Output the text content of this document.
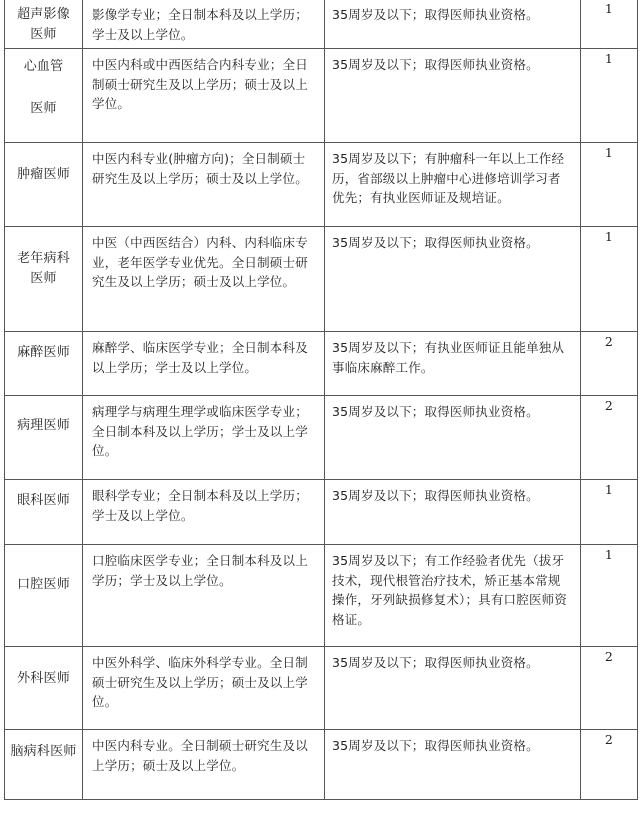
超声影像
医师	影像学专业；全日制本科及以上学历；学士及以上学位。	35周岁及以下；取得医师执业资格。	1

心血管
医师	中医内科或中西医结合内科专业；全日制硕士研究生及以上学历；硕士及以上学位。	35周岁及以下；取得医师执业资格。	1

肿瘤医师	中医内科专业(肿瘤方向)；全日制硕士研究生及以上学历；硕士及以上学位。	35周岁及以下；有肿瘤科一年以上工作经历，省部级以上肿瘤中心进修培训学习者优先；有执业医师证及规培证。	1

老年病科
医师	中医（中西医结合）内科、内科临床专业，老年医学专业优先。全日制硕士研究生及以上学历；硕士及以上学位。	35周岁及以下；取得医师执业资格。	1

麻醉医师	麻醉学、临床医学专业；全日制本科及以上学历；学士及以上学位。	35周岁及以下；有执业医师证且能单独从事临床麻醉工作。	2

病理医师	病理学与病理生理学或临床医学专业；全日制本科及以上学历；学士及以上学位。	35周岁及以下；取得医师执业资格。	2

眼科医师	眼科学专业；全日制本科及以上学历；学士及以上学位。	35周岁及以下；取得医师执业资格。	1

口腔医师	口腔临床医学专业；全日制本科及以上学历；学士及以上学位。	35周岁及以下；有工作经验者优先（拔牙技术，现代根管治疗技术，矫正基本常规操作，牙列缺损修复术）；具有口腔医师资格证。	1

外科医师	中医外科学、临床外科学专业。全日制硕士研究生及以上学历；硕士及以上学位。	35周岁及以下；取得医师执业资格。	2

脑病科医师	中医内科专业。全日制硕士研究生及以上学历；硕士及以上学位。	35周岁及以下；取得医师执业资格。	2
